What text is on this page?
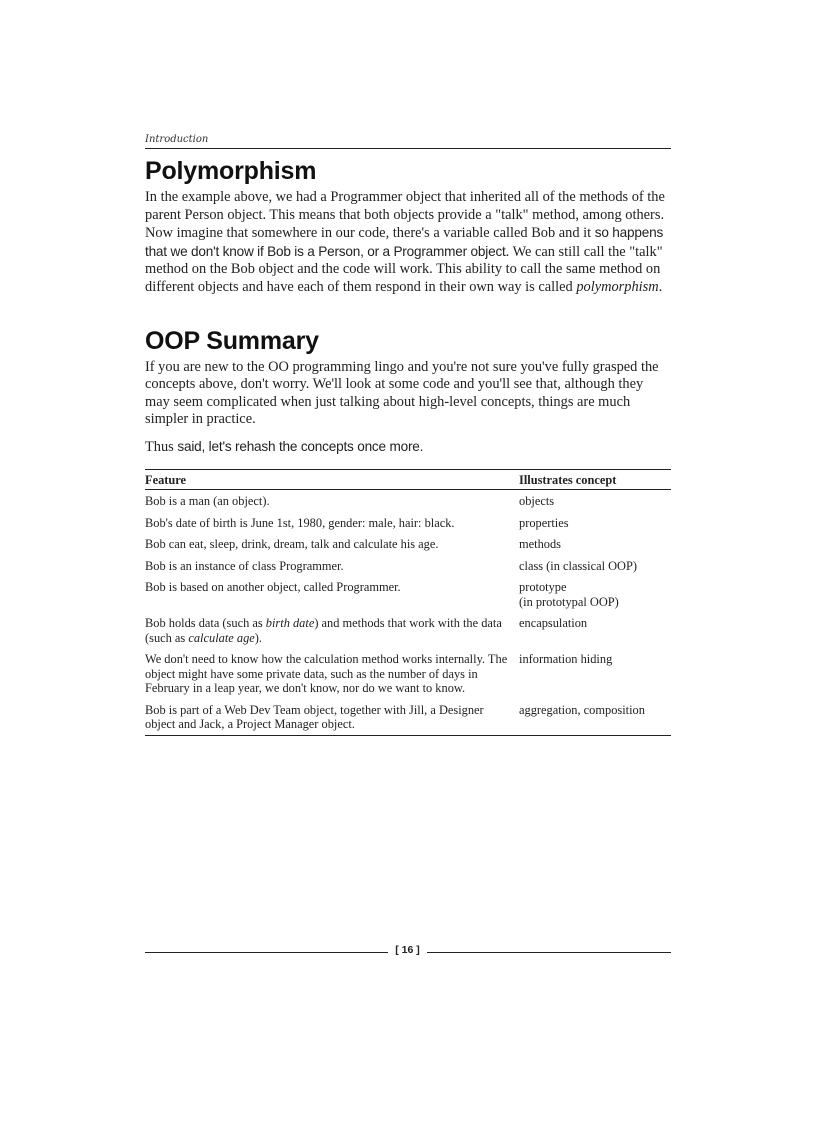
Introduction
Polymorphism

In the example above, we had a Programmer object that inherited all of the methods of the parent Person object. This means that both objects provide a "talk" method, among others. Now imagine that somewhere in our code, there's a variable called Bob and it so happens that we don't know if Bob is a Person, or a Programmer object. We can still call the "talk" method on the Bob object and the code will work. This ability to call the same method on different objects and have each of them respond in their own way is called polymorphism.

OOP Summary

If you are new to the OO programming lingo and you're not sure you've fully grasped the concepts above, don't worry. We'll look at some code and you'll see that, although they may seem complicated when just talking about high-level concepts, things are much simpler in practice.

Thus said, let's rehash the concepts once more.

Feature	Illustrates concept
Bob is a man (an object).	objects
Bob's date of birth is June 1st, 1980, gender: male, hair: black.	properties
Bob can eat, sleep, drink, dream, talk and calculate his age.	methods
Bob is an instance of class Programmer.	class (in classical OOP)
Bob is based on another object, called Programmer.	prototype
(in prototypal OOP)
Bob holds data (such as birth date) and methods that work with the data (such as calculate age).	encapsulation
We don't need to know how the calculation method works internally. The object might have some private data, such as the number of days in February in a leap year, we don't know, nor do we want to know.	information hiding
Bob is part of a Web Dev Team object, together with Jill, a Designer object and Jack, a Project Manager object.	aggregation, composition
[ 16 ]
